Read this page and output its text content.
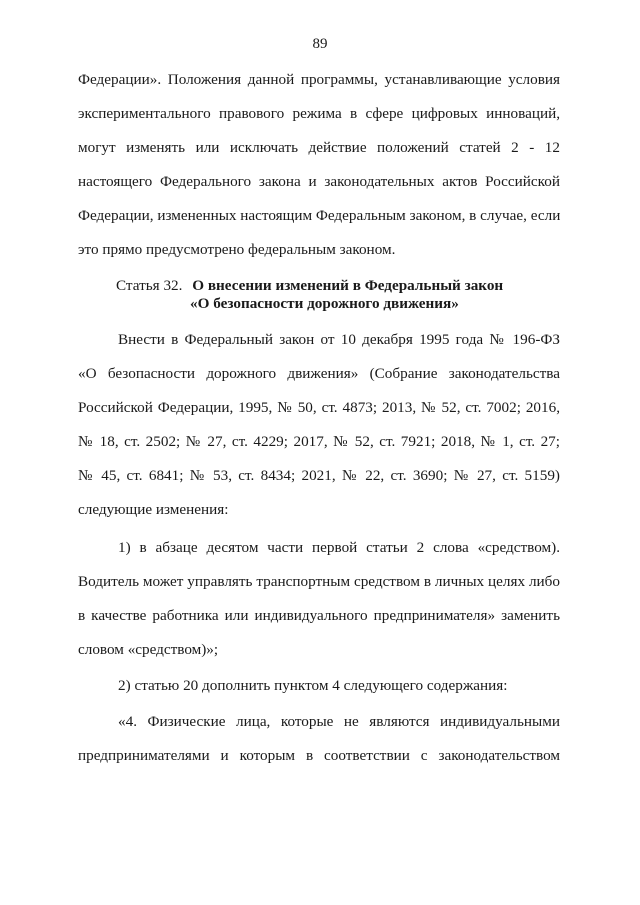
89
Федерации». Положения данной программы, устанавливающие условия
экспериментального правового режима в сфере цифровых инноваций,
могут изменять или исключать действие положений статей 2 - 12
настоящего Федерального закона и законодательных актов Российской
Федерации, измененных настоящим Федеральным законом, в случае, если
это прямо предусмотрено федеральным законом.
Статья 32. О внесении изменений в Федеральный закон
«О безопасности дорожного движения»
Внести в Федеральный закон от 10 декабря 1995 года № 196-ФЗ
«О безопасности дорожного движения» (Собрание законодательства
Российской Федерации, 1995, № 50, ст. 4873; 2013, № 52, ст. 7002; 2016,
№ 18, ст. 2502; № 27, ст. 4229; 2017, № 52, ст. 7921; 2018, № 1, ст. 27;
№ 45, ст. 6841; № 53, ст. 8434; 2021, № 22, ст. 3690; № 27, ст. 5159)
следующие изменения:
1) в абзаце десятом части первой статьи 2 слова «средством).
Водитель может управлять транспортным средством в личных целях либо
в качестве работника или индивидуального предпринимателя» заменить
словом «средством)»;
2) статью 20 дополнить пунктом 4 следующего содержания:
«4. Физические лица, которые не являются индивидуальными
предпринимателями и которым в соответствии с законодательством
